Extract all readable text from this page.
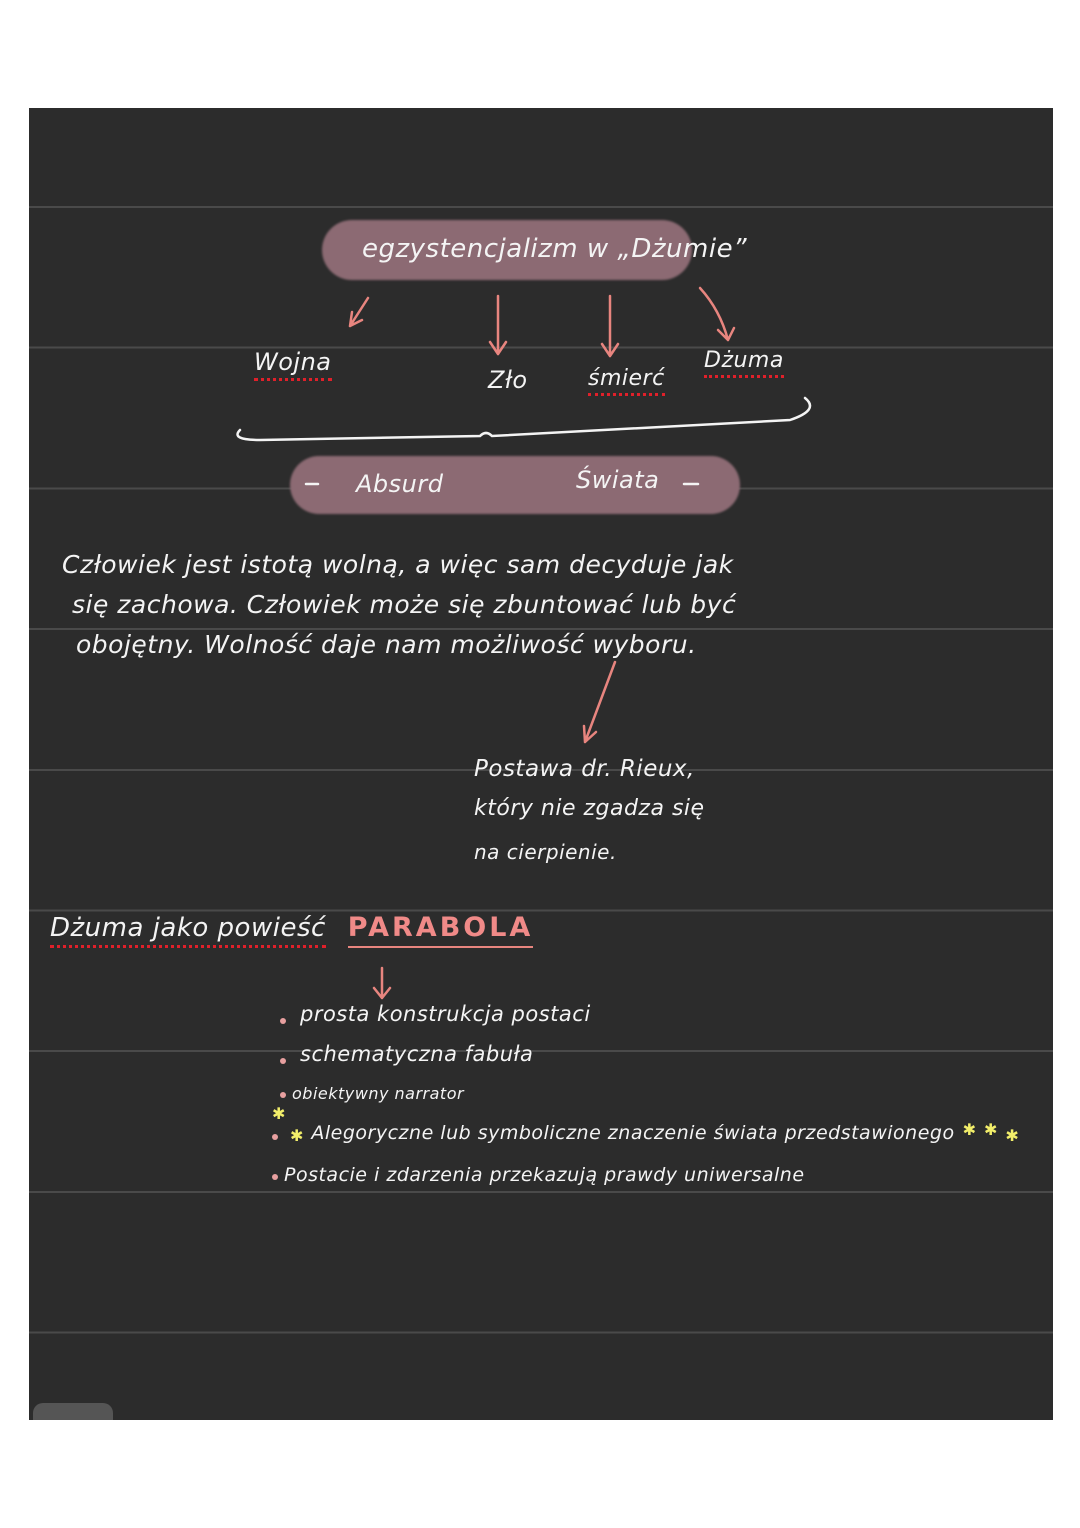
egzystencjalizm w „Dżumie”
Wojna
Zło	śmierć
Dżuma
Absurd	Świata
Człowiek jest istotą wolną, a więc sam decyduje jak
się zachowa. Człowiek może się zbuntować lub być
obojętny. Wolność daje nam możliwość wyboru.
Postawa dr. Rieux,
który nie zgadza się
na cierpienie.
Dżuma jako powieść PARABOLA
prosta konstrukcja postaci
schematyczna fabuła
obiektywny narrator
✱
✱ Alegoryczne lub symboliczne znaczenie świata przedstawionego ✱ ✱ ✱
Postacie i zdarzenia przekazują prawdy uniwersalne
